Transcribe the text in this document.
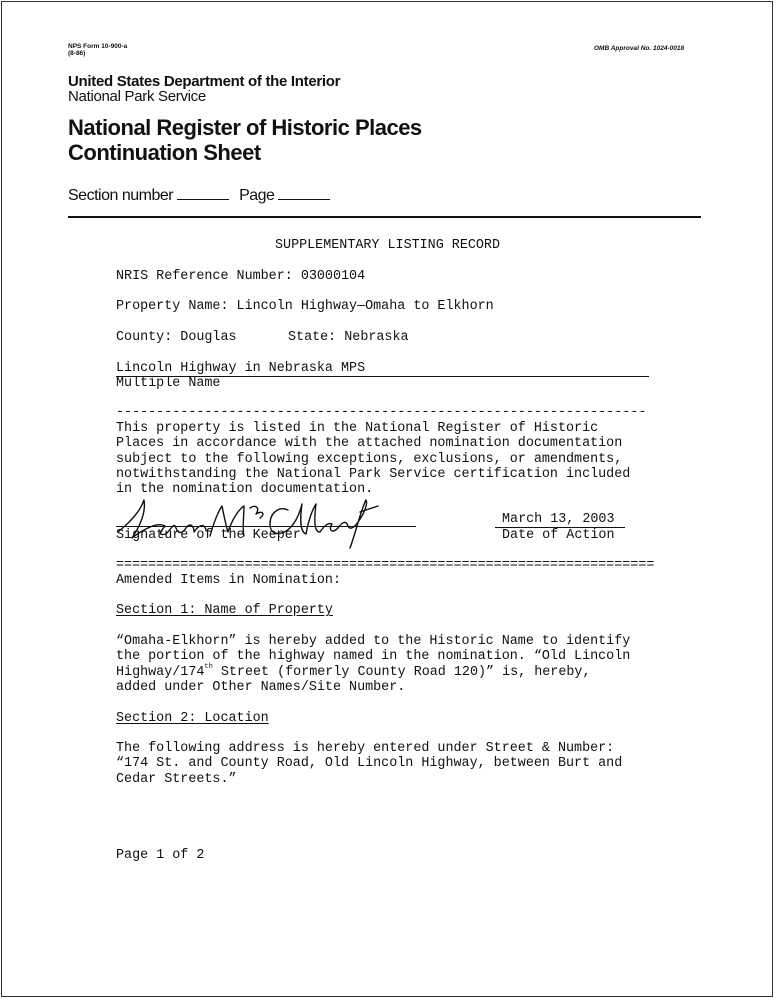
NPS Form 10-900-a
(8-86)
OMB Approval No. 1024-0018
United States Department of the Interior
National Park Service
National Register of Historic Places
Continuation Sheet
Section number	Page
SUPPLEMENTARY LISTING RECORD
NRIS Reference Number: 03000104
Property Name: Lincoln Highway—Omaha to Elkhorn
County: Douglas	State: Nebraska
Lincoln Highway in Nebraska MPS
Multiple Name
------------------------------------------------------------------
This property is listed in the National Register of Historic
Places in accordance with the attached nomination documentation
subject to the following exceptions, exclusions, or amendments,
notwithstanding the National Park Service certification included
in the nomination documentation.
Linda McClelland
Signature of the Keeper
March 13, 2003
Date of Action
===================================================================
Amended Items in Nomination:
Section 1: Name of Property
“Omaha-Elkhorn” is hereby added to the Historic Name to identify
the portion of the highway named in the nomination. “Old Lincoln
Highway/174th Street (formerly County Road 120)” is, hereby,
added under Other Names/Site Number.
Section 2: Location
The following address is hereby entered under Street & Number:
“174 St. and County Road, Old Lincoln Highway, between Burt and
Cedar Streets.”
Page 1 of 2
